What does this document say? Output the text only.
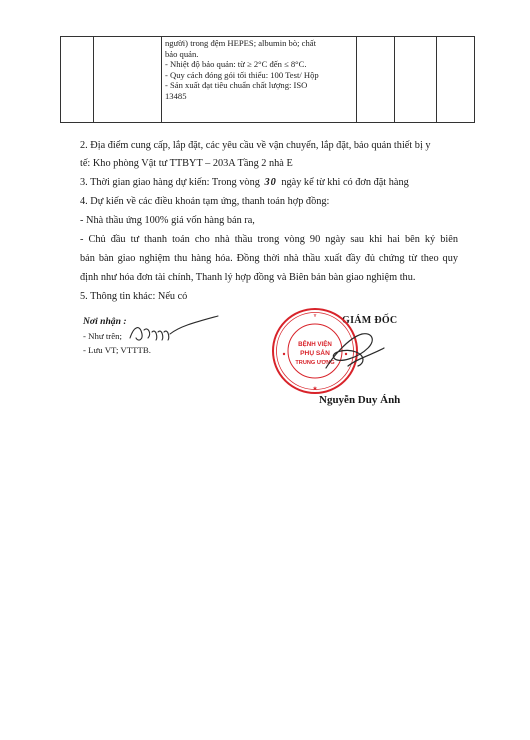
người) trong đệm HEPES; albumin bò; chất
bảo quản.
- Nhiệt độ bảo quản: từ ≥ 2°C đến ≤ 8°C.
- Quy cách đóng gói tối thiểu: 100 Test/ Hộp
- Sản xuất đạt tiêu chuẩn chất lượng: ISO
13485
2. Địa điểm cung cấp, lắp đặt, các yêu cầu về vận chuyển, lắp đặt, bảo quản thiết bị y
tế: Kho phòng Vật tư TTBYT – 203A Tầng 2 nhà E
3. Thời gian giao hàng dự kiến: Trong vòng 30 ngày kể từ khi có đơn đặt hàng
4. Dự kiến về các điều khoản tạm ứng, thanh toán hợp đồng:
- Nhà thầu ứng 100% giá vốn hàng bán ra,
- Chủ đầu tư thanh toán cho nhà thầu trong vòng 90 ngày sau khi hai bên ký biên
bản bàn giao nghiệm thu hàng hóa. Đồng thời nhà thầu xuất đầy đủ chứng từ theo quy
định như hóa đơn tài chính, Thanh lý hợp đồng và Biên bản bàn giao nghiệm thu.
5. Thông tin khác: Nếu có
Nơi nhận :
- Như trên;
- Lưu VT; VTTTB.
GIÁM ĐỐC
Y
★
BỆNH VIỆN
PHỤ SẢN
TRUNG ƯƠNG
Nguyễn Duy Ánh
